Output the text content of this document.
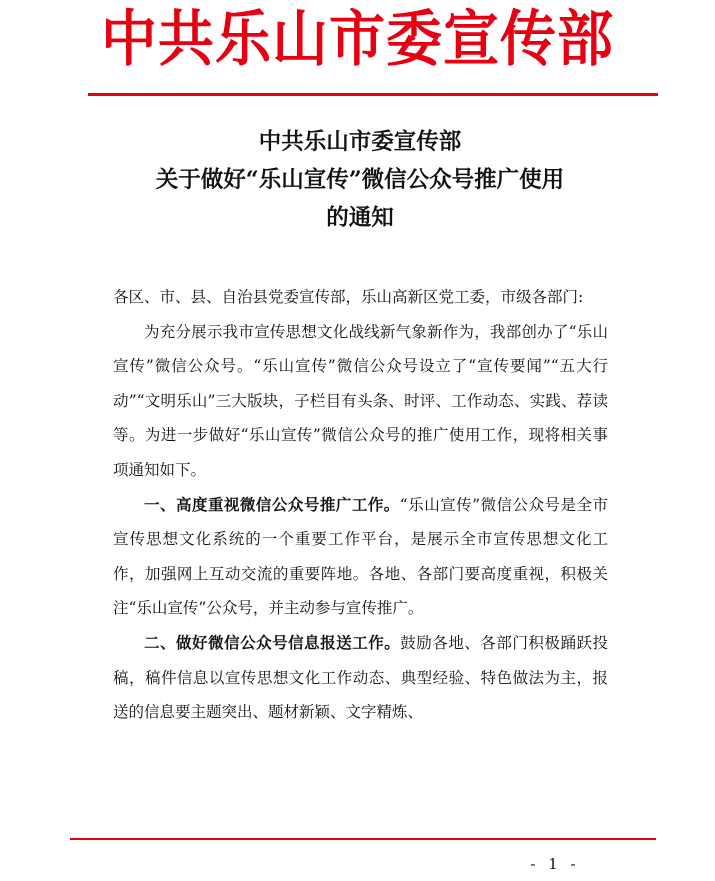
中共乐山市委宣传部
中共乐山市委宣传部
关于做好“乐山宣传”微信公众号推广使用
的通知

各区、市、县、自治县党委宣传部，乐山高新区党工委，市级各部门:

为充分展示我市宣传思想文化战线新气象新作为，我部创办了“乐山宣传”微信公众号。“乐山宣传”微信公众号设立了“宣传要闻”“五大行动”“文明乐山”三大版块，子栏目有头条、时评、工作动态、实践、荐读等。为进一步做好“乐山宣传”微信公众号的推广使用工作，现将相关事项通知如下。

一、高度重视微信公众号推广工作。“乐山宣传”微信公众号是全市宣传思想文化系统的一个重要工作平台，是展示全市宣传思想文化工作，加强网上互动交流的重要阵地。各地、各部门要高度重视，积极关注“乐山宣传”公众号，并主动参与宣传推广。

二、做好微信公众号信息报送工作。鼓励各地、各部门积极踊跃投稿，稿件信息以宣传思想文化工作动态、典型经验、特色做法为主，报送的信息要主题突出、题材新颖、文字精炼、

- 1 -
